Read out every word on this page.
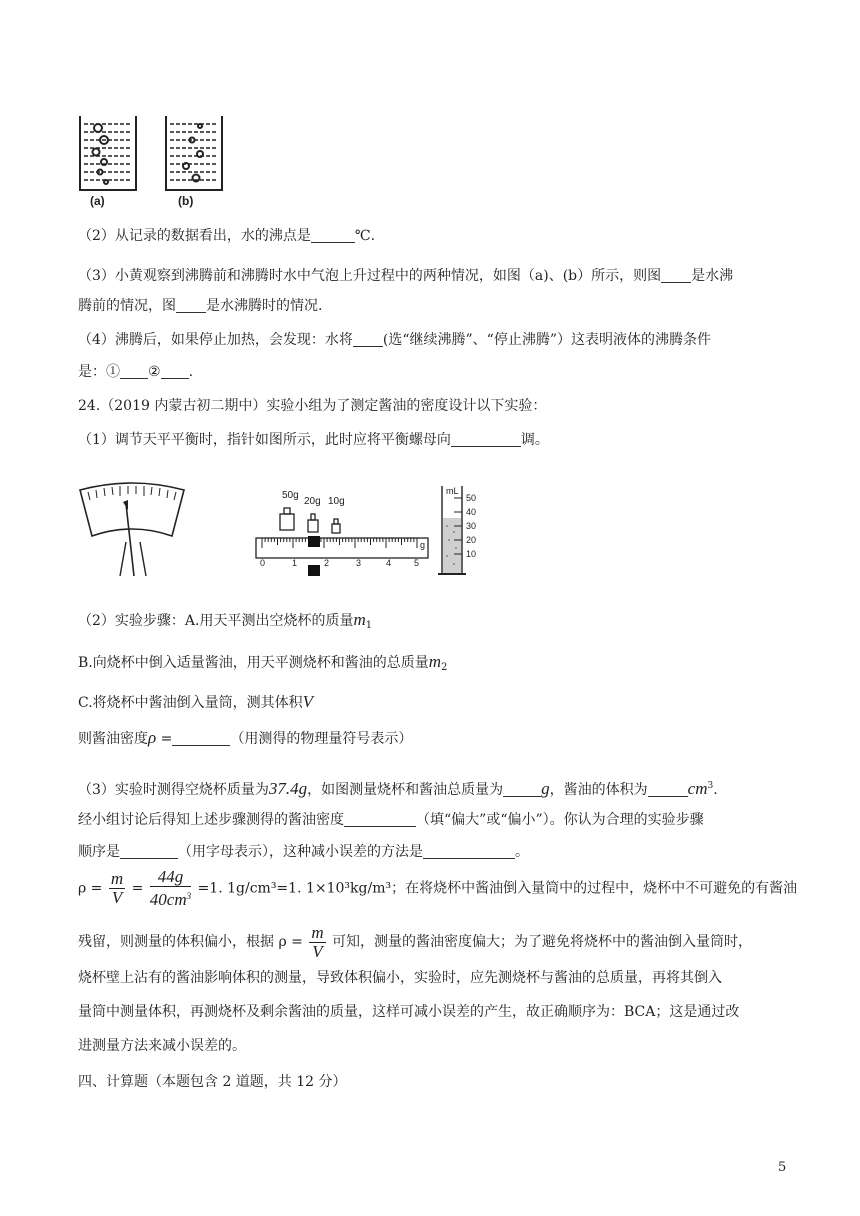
(a)	(b)
（2）从记录的数据看出，水的沸点是	℃.
（3）小黄观察到沸腾前和沸腾时水中气泡上升过程中的两种情况，如图（a)、(b）所示，则图 是水沸
腾前的情况，图 是水沸腾时的情况.
（4）沸腾后，如果停止加热，会发现：水将 (选“继续沸腾”、“停止沸腾”）这表明液体的沸腾条件
是：① ② .
24.（2019 内蒙古初二期中）实验小组为了测定酱油的密度设计以下实验：
（1）调节天平平衡时，指针如图所示，此时应将平衡螺母向	调。
50g
20g 10g
0	1	2	3	4	5
g
mL
50
40
30
20
10
（2）实验步骤：A.用天平测出空烧杯的质量$m_1$
B.向烧杯中倒入适量酱油，用天平测烧杯和酱油的总质量$m_2$
C.将烧杯中酱油倒入量筒，测其体积V
则酱油密度ρ =	（用测得的物理量符号表示）
（3）实验时测得空烧杯质量为37.4g，如图测量烧杯和酱油总质量为 g，酱油的体积为 $cm^3$.
经小组讨论后得知上述步骤测得的酱油密度	（填“偏大”或“偏小”）。你认为合理的实验步骤
顺序是	（用字母表示），这种减小误差的方法是	。
$\rho = \frac{m}{V} = \frac{44g}{40cm^3} =1$. 1g/cm³=1. 1×10³kg/m³；在将烧杯中酱油倒入量筒中的过程中，烧杯中不可避免的有酱油
残留，则测量的体积偏小，根据 $\rho = \frac{m}{V}$ 可知，测量的酱油密度偏大；为了避免将烧杯中的酱油倒入量筒时，
烧杯壁上沾有的酱油影响体积的测量，导致体积偏小，实验时，应先测烧杯与酱油的总质量，再将其倒入
量筒中测量体积，再测烧杯及剩余酱油的质量，这样可减小误差的产生，故正确顺序为：BCA；这是通过改
进测量方法来减小误差的。
四、计算题（本题包含 2 道题，共 12 分）
5
